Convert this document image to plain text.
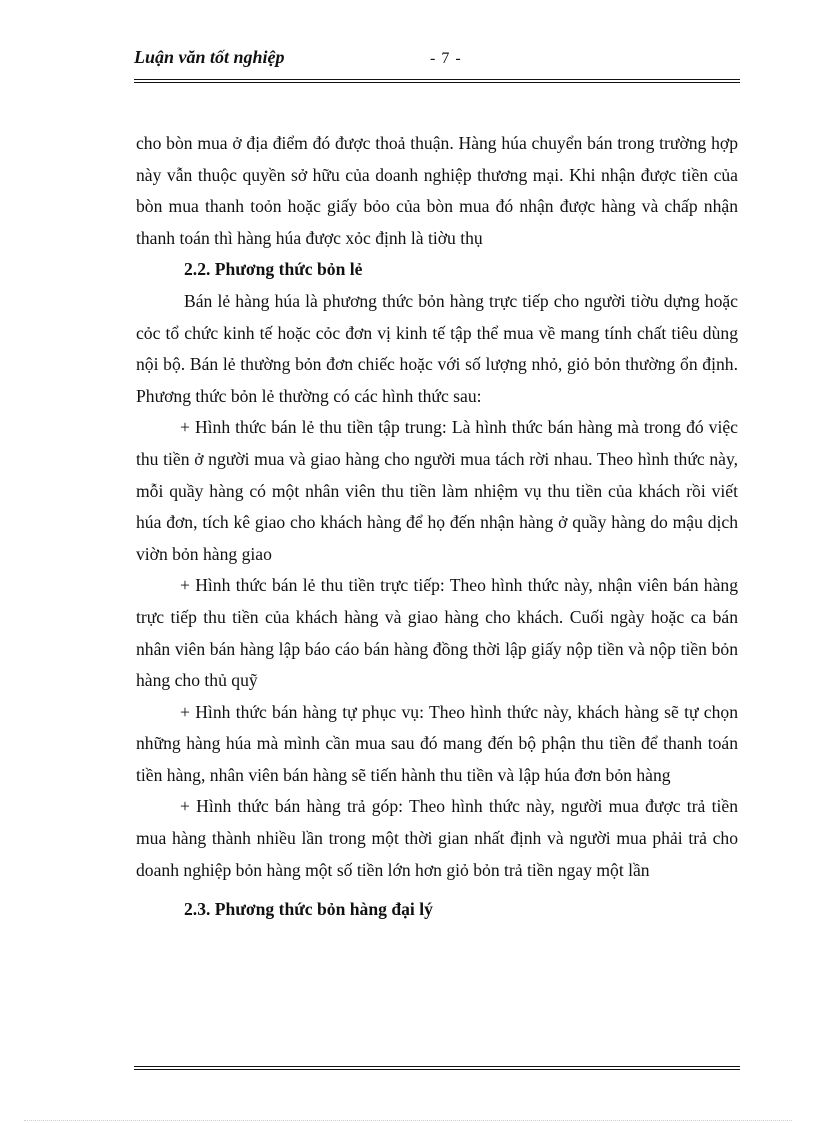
Luận văn tốt nghiệp	- 7 -

cho bòn mua ở địa điểm đó được thoả thuận. Hàng húa chuyển bán trong trường hợp này vẫn thuộc quyền sở hữu của doanh nghiệp thương mại. Khi nhận được tiền của bòn mua thanh toỏn hoặc giấy bỏo của bòn mua đó nhận được hàng và chấp nhận thanh toán thì hàng húa được xỏc định là tiờu thụ

2.2. Phương thức bỏn lẻ

Bán lẻ hàng húa là phương thức bỏn hàng trực tiếp cho người tiờu dựng hoặc cỏc tổ chức kinh tế hoặc cỏc đơn vị kinh tế tập thể mua về mang tính chất tiêu dùng nội bộ. Bán lẻ thường bỏn đơn chiếc hoặc với số lượng nhỏ, giỏ bỏn thường ổn định. Phương thức bỏn lẻ thường có các hình thức sau:

+ Hình thức bán lẻ thu tiền tập trung: Là hình thức bán hàng mà trong đó việc thu tiền ở người mua và giao hàng cho người mua tách rời nhau. Theo hình thức này, mỗi quầy hàng có một nhân viên thu tiền làm nhiệm vụ thu tiền của khách rồi viết húa đơn, tích kê giao cho khách hàng để họ đến nhận hàng ở quầy hàng do mậu dịch viờn bỏn hàng giao

+ Hình thức bán lẻ thu tiền trực tiếp: Theo hình thức này, nhận viên bán hàng trực tiếp thu tiền của khách hàng và giao hàng cho khách. Cuối ngày hoặc ca bán nhân viên bán hàng lập báo cáo bán hàng đồng thời lập giấy nộp tiền và nộp tiền bỏn hàng cho thủ quỹ

+ Hình thức bán hàng tự phục vụ: Theo hình thức này, khách hàng sẽ tự chọn những hàng húa mà mình cần mua sau đó mang đến bộ phận thu tiền để thanh toán tiền hàng, nhân viên bán hàng sẽ tiến hành thu tiền và lập húa đơn bỏn hàng

+ Hình thức bán hàng trả góp: Theo hình thức này, người mua được trả tiền mua hàng thành nhiều lần trong một thời gian nhất định và người mua phải trả cho doanh nghiệp bỏn hàng một số tiền lớn hơn giỏ bỏn trả tiền ngay một lần

2.3. Phương thức bỏn hàng đại lý
